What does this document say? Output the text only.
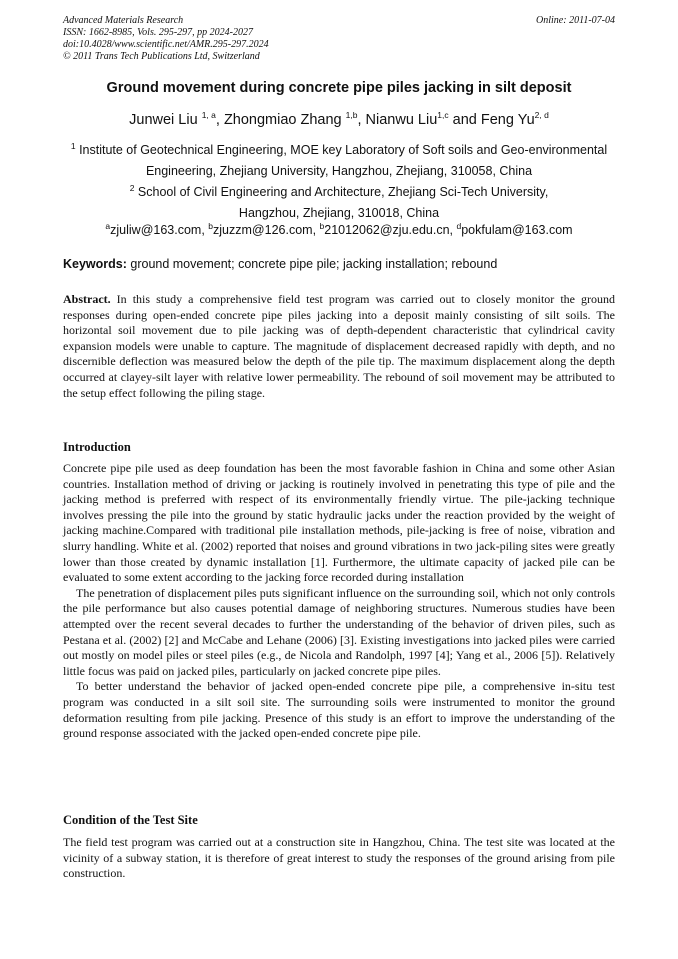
Advanced Materials Research
ISSN: 1662-8985, Vols. 295-297, pp 2024-2027
doi:10.4028/www.scientific.net/AMR.295-297.2024
© 2011 Trans Tech Publications Ltd, Switzerland
Online: 2011-07-04
Ground movement during concrete pipe piles jacking in silt deposit
Junwei Liu $^{1, a}$, Zhongmiao Zhang $^{1,b}$, Nianwu Liu$^{1,c}$ and Feng Yu$^{2, d}$
$^1$ Institute of Geotechnical Engineering, MOE key Laboratory of Soft soils and Geo-environmental
Engineering, Zhejiang University, Hangzhou, Zhejiang, 310058, China
$^2$ School of Civil Engineering and Architecture, Zhejiang Sci-Tech University,
Hangzhou, Zhejiang, 310018, China
$^a$zjuliw@163.com, $^b$zjuzzm@126.com, $^b$21012062@zju.edu.cn, $^d$pokfulam@163.com
Keywords: ground movement; concrete pipe pile; jacking installation; rebound

Abstract. In this study a comprehensive field test program was carried out to closely monitor the ground responses during open-ended concrete pipe piles jacking into a deposit mainly consisting of silt soils. The horizontal soil movement due to pile jacking was of depth-dependent characteristic that cylindrical cavity expansion models were unable to capture. The magnitude of displacement decreased rapidly with depth, and no discernible deflection was measured below the depth of the pile tip. The maximum displacement along the depth occurred at clayey-silt layer with relative lower permeability. The rebound of soil movement may be attributed to the setup effect following the piling stage.

Introduction

Concrete pipe pile used as deep foundation has been the most favorable fashion in China and some other Asian countries. Installation method of driving or jacking is routinely involved in penetrating this type of pile and the jacking method is preferred with respect of its environmentally friendly virtue. The pile-jacking technique involves pressing the pile into the ground by static hydraulic jacks under the reaction provided by the weight of jacking machine.Compared with traditional pile installation methods, pile-jacking is free of noise, vibration and slurry handling. White et al. (2002) reported that noises and ground vibrations in two jack-piling sites were greatly lower than those created by dynamic installation [1]. Furthermore, the ultimate capacity of jacked pile can be evaluated to some extent according to the jacking force recorded during installation

The penetration of displacement piles puts significant influence on the surrounding soil, which not only controls the pile performance but also causes potential damage of neighboring structures. Numerous studies have been attempted over the recent several decades to further the understanding of the behavior of driven piles, such as Pestana et al. (2002) [2] and McCabe and Lehane (2006) [3]. Existing investigations into jacked piles were carried out mostly on model piles or steel piles (e.g., de Nicola and Randolph, 1997 [4]; Yang et al., 2006 [5]). Relatively little focus was paid on jacked piles, particularly on jacked concrete pipe piles.

To better understand the behavior of jacked open-ended concrete pipe pile, a comprehensive in-situ test program was conducted in a silt soil site. The surrounding soils were instrumented to monitor the ground deformation resulting from pile jacking. Presence of this study is an effort to improve the understanding of the ground response associated with the jacked open-ended concrete pipe pile.

Condition of the Test Site

The field test program was carried out at a construction site in Hangzhou, China. The test site was located at the vicinity of a subway station, it is therefore of great interest to study the responses of the ground arising from pile construction.
